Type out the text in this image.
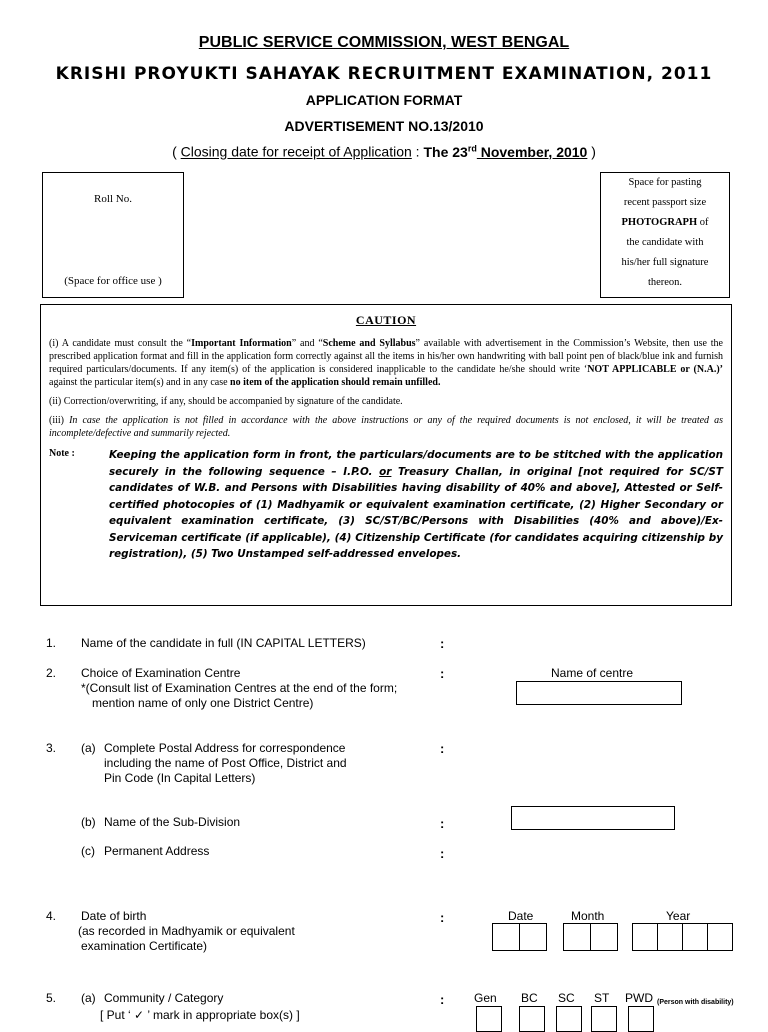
PUBLIC SERVICE COMMISSION, WEST BENGAL
KRISHI PROYUKTI SAHAYAK RECRUITMENT EXAMINATION, 2011
APPLICATION FORMAT
ADVERTISEMENT NO.13/2010
( Closing date for receipt of Application : The 23rd November, 2010 )
Roll No.
(Space for office use )
Space for pasting
recent passport size
PHOTOGRAPH of
the candidate with
his/her full signature
thereon.
CAUTION

(i) A candidate must consult the “Important Information” and “Scheme and Syllabus” available with advertisement in the Commission’s Website, then use the prescribed application format and fill in the application form correctly against all the items in his/her own handwriting with ball point pen of black/blue ink and furnish required particulars/documents. If any item(s) of the application is considered inapplicable to the candidate he/she should write ‘NOT APPLICABLE or (N.A.)’ against the particular item(s) and in any case no item of the application should remain unfilled.

(ii) Correction/overwriting, if any, should be accompanied by signature of the candidate.

(iii) In case the application is not filled in accordance with the above instructions or any of the required documents is not enclosed, it will be treated as incomplete/defective and summarily rejected.

Note :	Keeping the application form in front, the particulars/documents are to be stitched with the application securely in the following sequence – I.P.O. or Treasury Challan, in original [not required for SC/ST candidates of W.B. and Persons with Disabilities having disability of 40% and above], Attested or Self-certified photocopies of (1) Madhyamik or equivalent examination certificate, (2) Higher Secondary or equivalent examination certificate, (3) SC/ST/BC/Persons with Disabilities (40% and above)/Ex-Serviceman certificate (if applicable), (4) Citizenship Certificate (for candidates acquiring citizenship by registration), (5) Two Unstamped self-addressed envelopes.
1. Name of the candidate in full (IN CAPITAL LETTERS)	:
2. Choice of Examination Centre
*(Consult list of Examination Centres at the end of the form;
mention name of only one District Centre)
:	Name of centre
3. (a) Complete Postal Address for correspondence
including the name of Post Office, District and
Pin Code (In Capital Letters)
:
(b) Name of the Sub-Division	:
(c) Permanent Address	:
4. Date of birth
(as recorded in Madhyamik or equivalent
examination Certificate)
:	Date	Month	Year
5. (a) Community / Category
[ Put ‘ ✓ ’ mark in appropriate box(s) ]
: Gen BC SC ST PWD (Person with disability)
